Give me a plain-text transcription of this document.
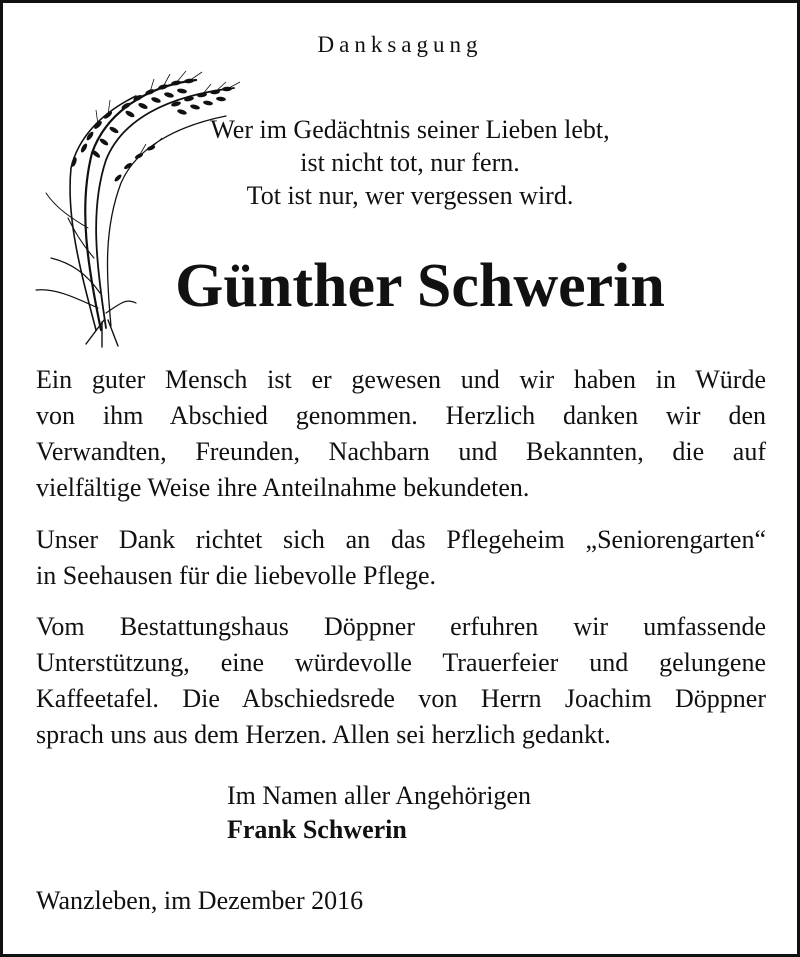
Danksagung
Wer im Gedächtnis seiner Lieben lebt,
ist nicht tot, nur fern.
Tot ist nur, wer vergessen wird.
Günther Schwerin
Ein guter Mensch ist er gewesen und wir haben in Würde
von ihm Abschied genommen. Herzlich danken wir den
Verwandten, Freunden, Nachbarn und Bekannten, die auf
vielfältige Weise ihre Anteilnahme bekundeten.
Unser Dank richtet sich an das Pflegeheim „Seniorengarten“
in Seehausen für die liebevolle Pflege.
Vom Bestattungshaus Döppner erfuhren wir umfassende
Unterstützung, eine würdevolle Trauerfeier und gelungene
Kaffeetafel. Die Abschiedsrede von Herrn Joachim Döppner
sprach uns aus dem Herzen. Allen sei herzlich gedankt.
Im Namen aller Angehörigen
Frank Schwerin
Wanzleben, im Dezember 2016
